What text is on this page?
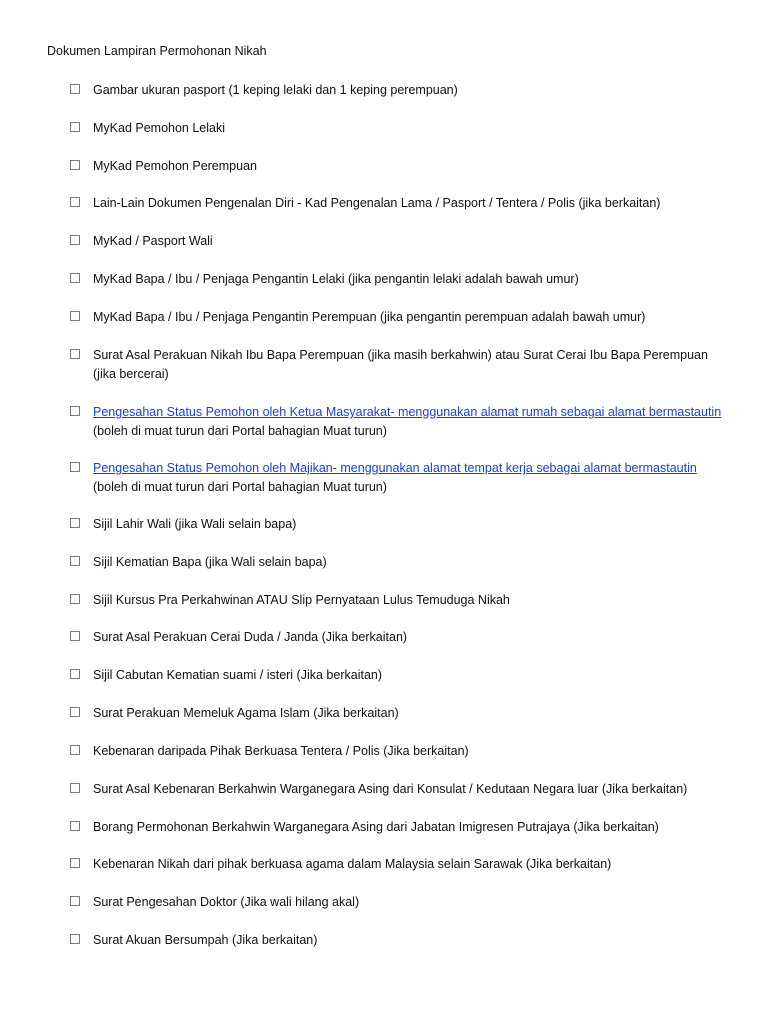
Dokumen Lampiran Permohonan Nikah
Gambar ukuran pasport (1 keping lelaki dan 1 keping perempuan)
MyKad Pemohon Lelaki
MyKad Pemohon Perempuan
Lain-Lain Dokumen Pengenalan Diri - Kad Pengenalan Lama / Pasport / Tentera / Polis (jika berkaitan)
MyKad / Pasport Wali
MyKad Bapa / Ibu / Penjaga Pengantin Lelaki (jika pengantin lelaki adalah bawah umur)
MyKad Bapa / Ibu / Penjaga Pengantin Perempuan (jika pengantin perempuan adalah bawah umur)
Surat Asal Perakuan Nikah Ibu Bapa Perempuan (jika masih berkahwin) atau Surat Cerai Ibu Bapa Perempuan (jika bercerai)
Pengesahan Status Pemohon oleh Ketua Masyarakat- menggunakan alamat rumah sebagai alamat bermastautin (boleh di muat turun dari Portal bahagian Muat turun)
Pengesahan Status Pemohon oleh Majikan- menggunakan alamat tempat kerja sebagai alamat bermastautin (boleh di muat turun dari Portal bahagian Muat turun)
Sijil Lahir Wali (jika Wali selain bapa)
Sijil Kematian Bapa (jika Wali selain bapa)
Sijil Kursus Pra Perkahwinan ATAU Slip Pernyataan Lulus Temuduga Nikah
Surat Asal Perakuan Cerai Duda / Janda (Jika berkaitan)
Sijil Cabutan Kematian suami / isteri (Jika berkaitan)
Surat Perakuan Memeluk Agama Islam (Jika berkaitan)
Kebenaran daripada Pihak Berkuasa Tentera / Polis (Jika berkaitan)
Surat Asal Kebenaran Berkahwin Warganegara Asing dari Konsulat / Kedutaan Negara luar (Jika berkaitan)
Borang Permohonan Berkahwin Warganegara Asing dari Jabatan Imigresen Putrajaya (Jika berkaitan)
Kebenaran Nikah dari pihak berkuasa agama dalam Malaysia selain Sarawak (Jika berkaitan)
Surat Pengesahan Doktor (Jika wali hilang akal)
Surat Akuan Bersumpah (Jika berkaitan)
